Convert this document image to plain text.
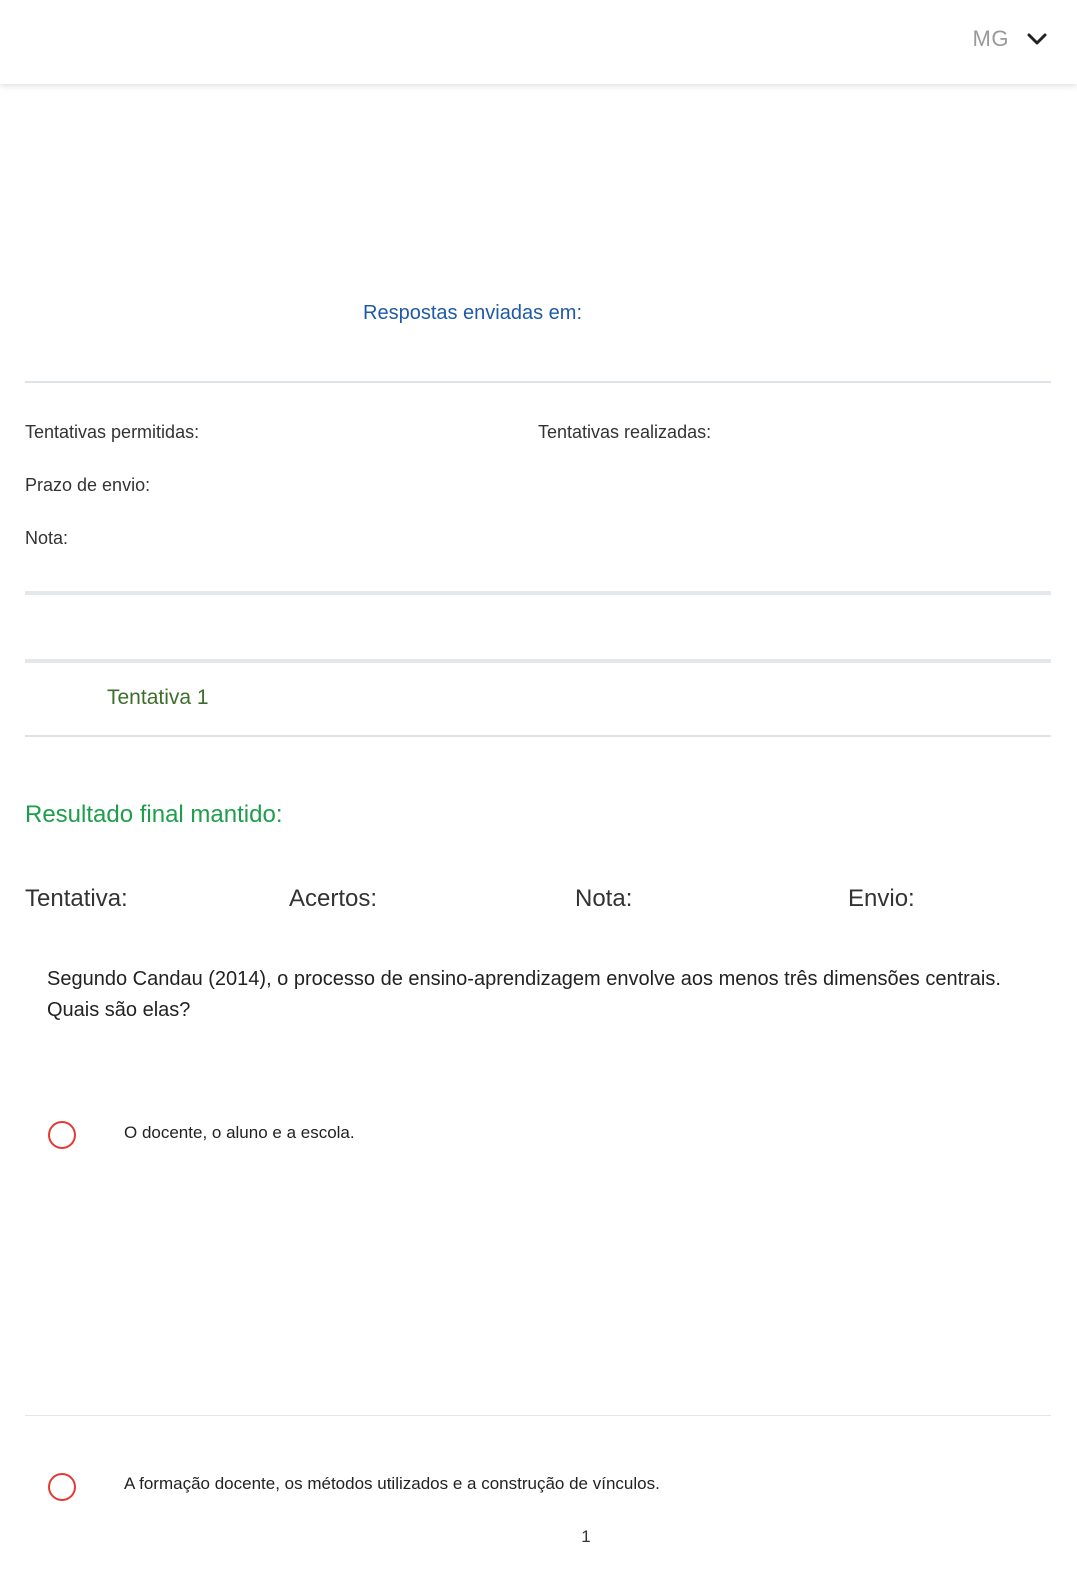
MG
Respostas enviadas em:
Tentativas permitidas:	Tentativas realizadas:
Prazo de envio:
Nota:
Tentativa 1
Resultado final mantido:
Tentativa:	Acertos:	Nota:	Envio:
Segundo Candau (2014), o processo de ensino-aprendizagem envolve aos menos três dimensões centrais. Quais são elas?
O docente, o aluno e a escola.
A formação docente, os métodos utilizados e a construção de vínculos.
1
